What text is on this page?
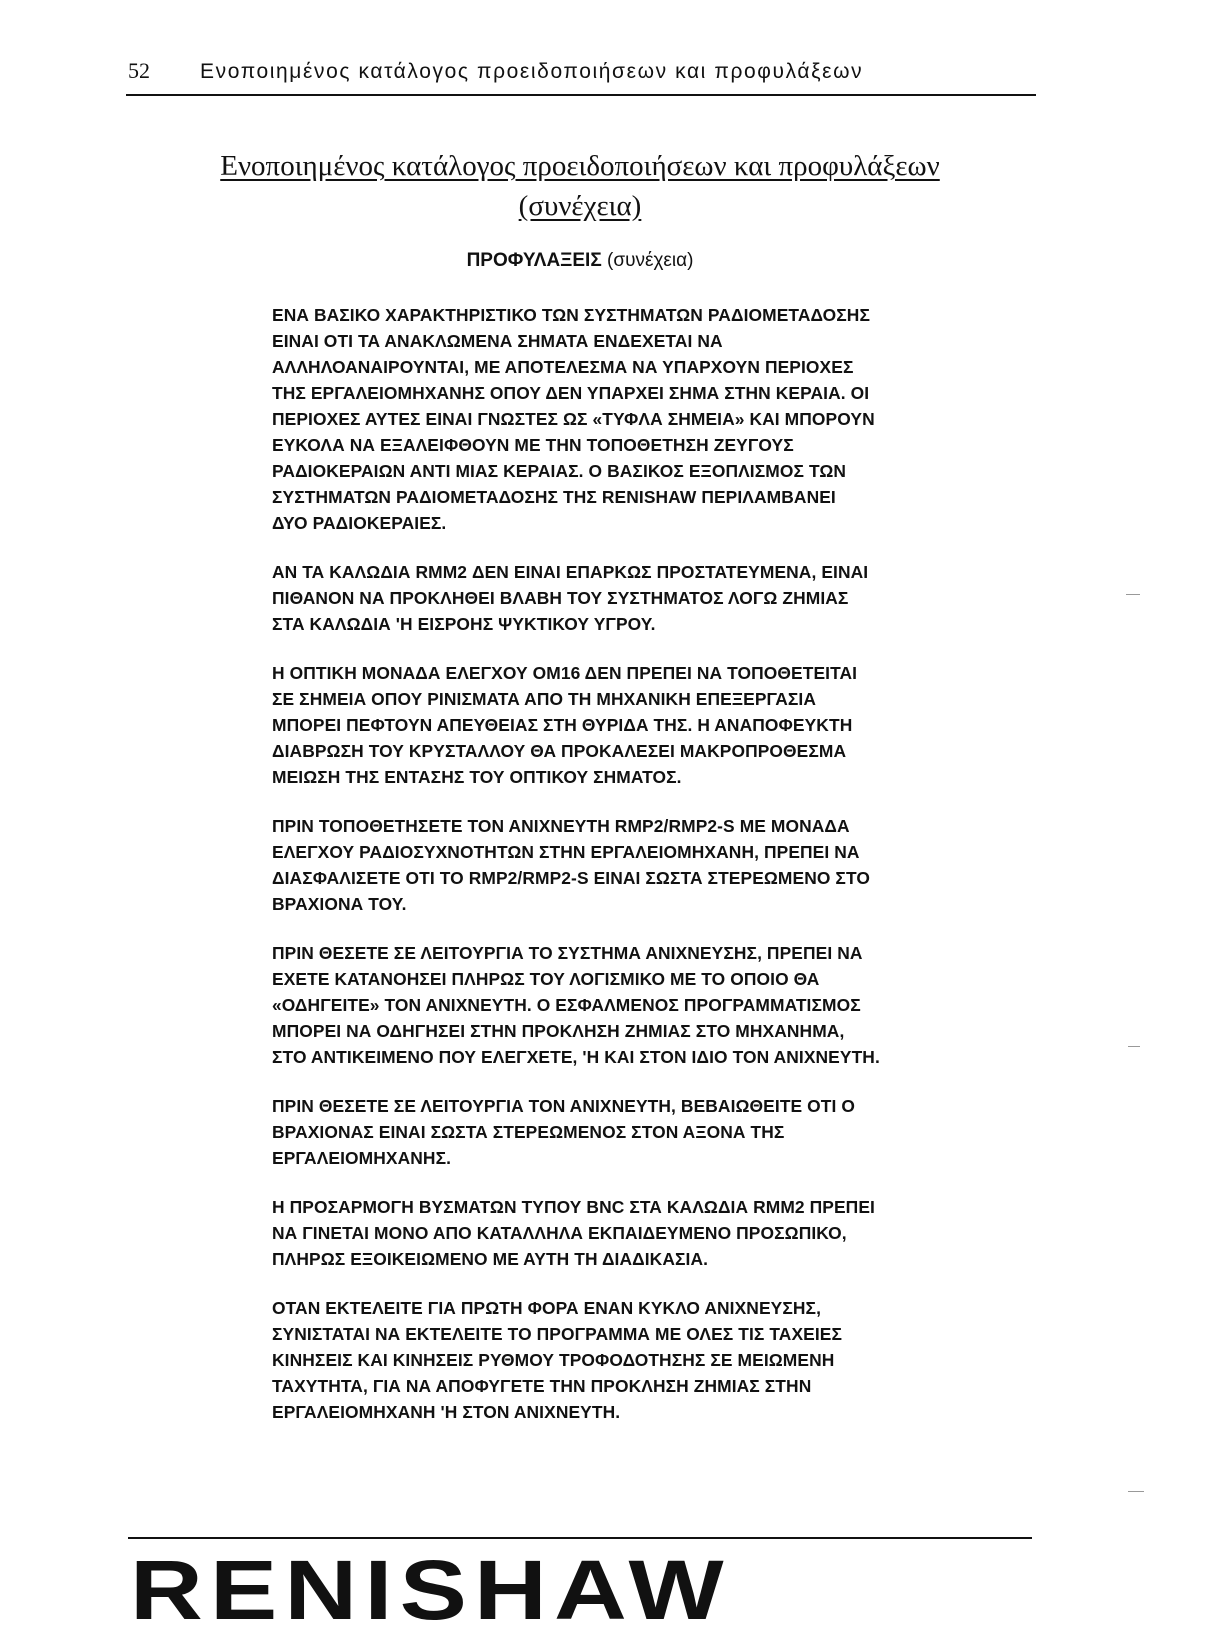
52	Ενοποιημένος κατάλογος προειδοποιήσεων και προφυλάξεων
Ενοποιημένος κατάλογος προειδοποιήσεων και προφυλάξεων
(συνέχεια)
ΠΡΟΦΥΛΑΞΕΙΣ (συνέχεια)

ΕΝΑ ΒΑΣΙΚΟ ΧΑΡΑΚΤΗΡΙΣΤΙΚΟ ΤΩΝ ΣΥΣΤΗΜΑΤΩΝ ΡΑΔΙΟΜΕΤΑΔΟΣΗΣ
ΕΙΝΑΙ ΟΤΙ ΤΑ ΑΝΑΚΛΩΜΕΝΑ ΣΗΜΑΤΑ ΕΝΔΕΧΕΤΑΙ ΝΑ
ΑΛΛΗΛΟΑΝΑΙΡΟΥΝΤΑΙ, ΜΕ ΑΠΟΤΕΛΕΣΜΑ ΝΑ ΥΠΑΡΧΟΥΝ ΠΕΡΙΟΧΕΣ
ΤΗΣ ΕΡΓΑΛΕΙΟΜΗΧΑΝΗΣ ΟΠΟΥ ΔΕΝ ΥΠΑΡΧΕΙ ΣΗΜΑ ΣΤΗΝ ΚΕΡΑΙΑ. ΟΙ
ΠΕΡΙΟΧΕΣ ΑΥΤΕΣ ΕΙΝΑΙ ΓΝΩΣΤΕΣ ΩΣ «ΤΥΦΛΑ ΣΗΜΕΙΑ» ΚΑΙ ΜΠΟΡΟΥΝ
ΕΥΚΟΛΑ ΝΑ ΕΞΑΛΕΙΦΘΟΥΝ ΜΕ ΤΗΝ ΤΟΠΟΘΕΤΗΣΗ ΖΕΥΓΟΥΣ
ΡΑΔΙΟΚΕΡΑΙΩΝ ΑΝΤΙ ΜΙΑΣ ΚΕΡΑΙΑΣ. Ο ΒΑΣΙΚΟΣ ΕΞΟΠΛΙΣΜΟΣ ΤΩΝ
ΣΥΣΤΗΜΑΤΩΝ ΡΑΔΙΟΜΕΤΑΔΟΣΗΣ ΤΗΣ RENISHAW ΠΕΡΙΛΑΜΒΑΝΕΙ
ΔΥΟ ΡΑΔΙΟΚΕΡΑΙΕΣ.

ΑΝ ΤΑ ΚΑΛΩΔΙΑ RMM2 ΔΕΝ ΕΙΝΑΙ ΕΠΑΡΚΩΣ ΠΡΟΣΤΑΤΕΥΜΕΝΑ, ΕΙΝΑΙ
ΠΙΘΑΝΟΝ ΝΑ ΠΡΟΚΛΗΘΕΙ ΒΛΑΒΗ ΤΟΥ ΣΥΣΤΗΜΑΤΟΣ ΛΟΓΩ ΖΗΜΙΑΣ
ΣΤΑ ΚΑΛΩΔΙΑ 'Η ΕΙΣΡΟΗΣ ΨΥΚΤΙΚΟΥ ΥΓΡΟΥ.

Η ΟΠΤΙΚΗ ΜΟΝΑΔΑ ΕΛΕΓΧΟΥ ΟΜ16 ΔΕΝ ΠΡΕΠΕΙ ΝΑ ΤΟΠΟΘΕΤΕΙΤΑΙ
ΣΕ ΣΗΜΕΙΑ ΟΠΟΥ ΡΙΝΙΣΜΑΤΑ ΑΠΟ ΤΗ ΜΗΧΑΝΙΚΗ ΕΠΕΞΕΡΓΑΣΙΑ
ΜΠΟΡΕΙ ΠΕΦΤΟΥΝ ΑΠΕΥΘΕΙΑΣ ΣΤΗ ΘΥΡΙΔΑ ΤΗΣ. Η ΑΝΑΠΟΦΕΥΚΤΗ
ΔΙΑΒΡΩΣΗ ΤΟΥ ΚΡΥΣΤΑΛΛΟΥ ΘΑ ΠΡΟΚΑΛΕΣΕΙ ΜΑΚΡΟΠΡΟΘΕΣΜΑ
ΜΕΙΩΣΗ ΤΗΣ ΕΝΤΑΣΗΣ ΤΟΥ ΟΠΤΙΚΟΥ ΣΗΜΑΤΟΣ.

ΠΡΙΝ ΤΟΠΟΘΕΤΗΣΕΤΕ ΤΟΝ ΑΝΙΧΝΕΥΤΗ RMP2/RMP2-S ΜΕ ΜΟΝΑΔΑ
ΕΛΕΓΧΟΥ ΡΑΔΙΟΣΥΧΝΟΤΗΤΩΝ ΣΤΗΝ ΕΡΓΑΛΕΙΟΜΗΧΑΝΗ, ΠΡΕΠΕΙ ΝΑ
ΔΙΑΣΦΑΛΙΣΕΤΕ ΟΤΙ ΤΟ RMP2/RMP2-S ΕΙΝΑΙ ΣΩΣΤΑ ΣΤΕΡΕΩΜΕΝΟ ΣΤΟ
ΒΡΑΧΙΟΝΑ ΤΟΥ.

ΠΡΙΝ ΘΕΣΕΤΕ ΣΕ ΛΕΙΤΟΥΡΓΙΑ ΤΟ ΣΥΣΤΗΜΑ ΑΝΙΧΝΕΥΣΗΣ, ΠΡΕΠΕΙ ΝΑ
ΕΧΕΤΕ ΚΑΤΑΝΟΗΣΕΙ ΠΛΗΡΩΣ ΤΟΥ ΛΟΓΙΣΜΙΚΟ ΜΕ ΤΟ ΟΠΟΙΟ ΘΑ
«ΟΔΗΓΕΙΤΕ» ΤΟΝ ΑΝΙΧΝΕΥΤΗ. Ο ΕΣΦΑΛΜΕΝΟΣ ΠΡΟΓΡΑΜΜΑΤΙΣΜΟΣ
ΜΠΟΡΕΙ ΝΑ ΟΔΗΓΗΣΕΙ ΣΤΗΝ ΠΡΟΚΛΗΣΗ ΖΗΜΙΑΣ ΣΤΟ ΜΗΧΑΝΗΜΑ,
ΣΤΟ ΑΝΤΙΚΕΙΜΕΝΟ ΠΟΥ ΕΛΕΓΧΕΤΕ, 'Η ΚΑΙ ΣΤΟΝ ΙΔΙΟ ΤΟΝ ΑΝΙΧΝΕΥΤΗ.

ΠΡΙΝ ΘΕΣΕΤΕ ΣΕ ΛΕΙΤΟΥΡΓΙΑ ΤΟΝ ΑΝΙΧΝΕΥΤΗ, ΒΕΒΑΙΩΘΕΙΤΕ ΟΤΙ Ο
ΒΡΑΧΙΟΝΑΣ ΕΙΝΑΙ ΣΩΣΤΑ ΣΤΕΡΕΩΜΕΝΟΣ ΣΤΟΝ ΑΞΟΝΑ ΤΗΣ
ΕΡΓΑΛΕΙΟΜΗΧΑΝΗΣ.

Η ΠΡΟΣΑΡΜΟΓΗ ΒΥΣΜΑΤΩΝ ΤΥΠΟΥ BNC ΣΤΑ ΚΑΛΩΔΙΑ RMM2 ΠΡΕΠΕΙ
ΝΑ ΓΙΝΕΤΑΙ ΜΟΝΟ ΑΠΟ ΚΑΤΑΛΛΗΛΑ ΕΚΠΑΙΔΕΥΜΕΝΟ ΠΡΟΣΩΠΙΚΟ,
ΠΛΗΡΩΣ ΕΞΟΙΚΕΙΩΜΕΝΟ ΜΕ ΑΥΤΗ ΤΗ ΔΙΑΔΙΚΑΣΙΑ.

ΟΤΑΝ ΕΚΤΕΛΕΙΤΕ ΓΙΑ ΠΡΩΤΗ ΦΟΡΑ ΕΝΑΝ ΚΥΚΛΟ ΑΝΙΧΝΕΥΣΗΣ,
ΣΥΝΙΣΤΑΤΑΙ ΝΑ ΕΚΤΕΛΕΙΤΕ ΤΟ ΠΡΟΓΡΑΜΜΑ ΜΕ ΟΛΕΣ ΤΙΣ ΤΑΧΕΙΕΣ
ΚΙΝΗΣΕΙΣ ΚΑΙ ΚΙΝΗΣΕΙΣ ΡΥΘΜΟΥ ΤΡΟΦΟΔΟΤΗΣΗΣ ΣΕ ΜΕΙΩΜΕΝΗ
ΤΑΧΥΤΗΤΑ, ΓΙΑ ΝΑ ΑΠΟΦΥΓΕΤΕ ΤΗΝ ΠΡΟΚΛΗΣΗ ΖΗΜΙΑΣ ΣΤΗΝ
ΕΡΓΑΛΕΙΟΜΗΧΑΝΗ 'Η ΣΤΟΝ ΑΝΙΧΝΕΥΤΗ.

RENISHAW
